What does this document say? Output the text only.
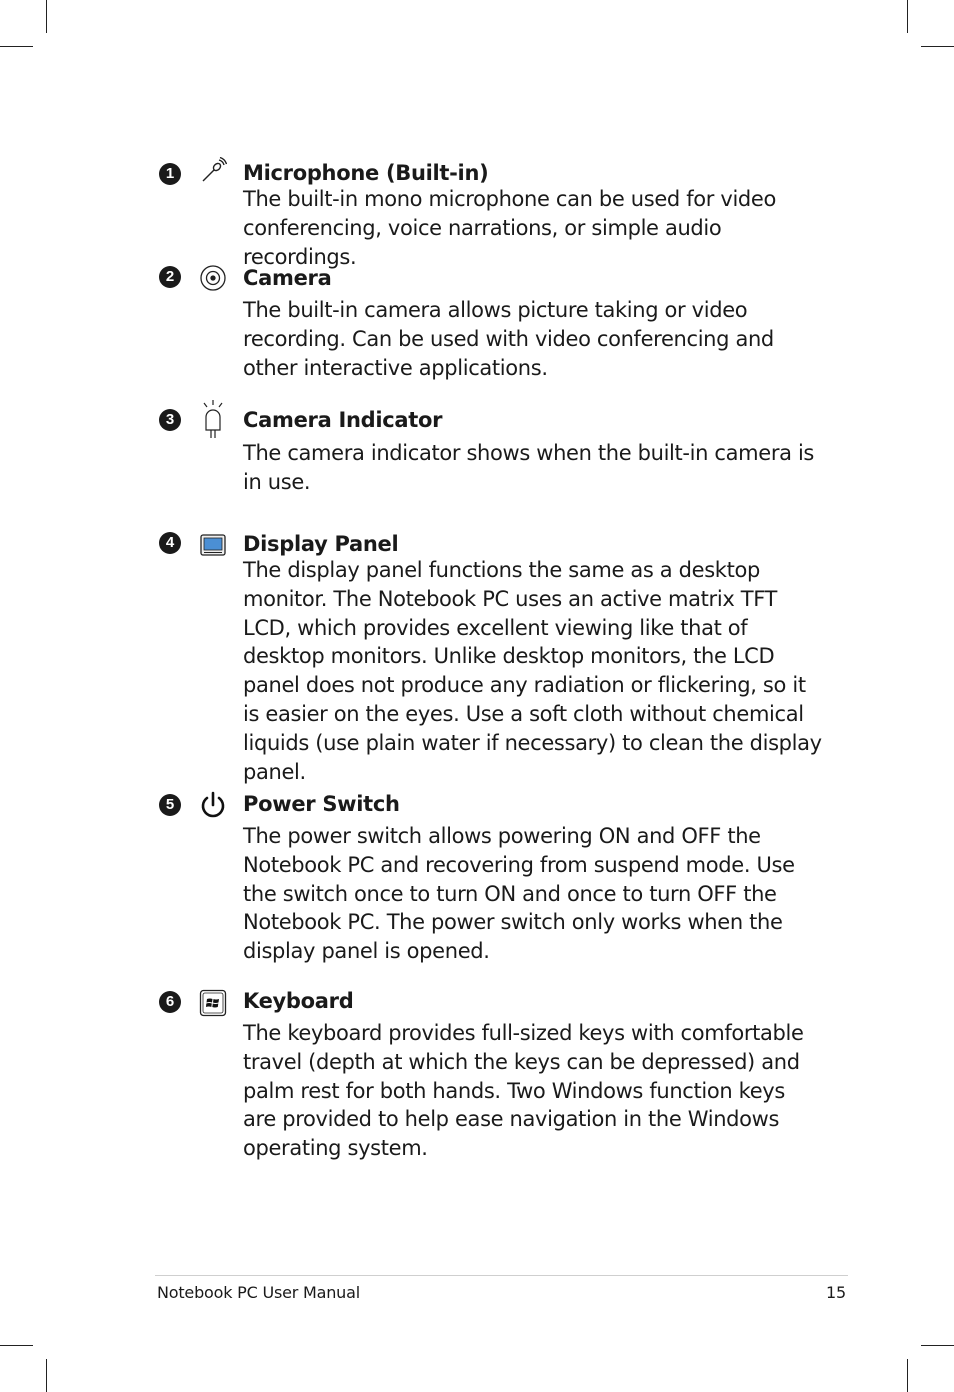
1	Microphone (Built-in)
The built-in mono microphone can be used for video conferencing, voice narrations, or simple audio recordings.
2	Camera
The built-in camera allows picture taking or video recording. Can be used with video conferencing and other interactive applications.
3	Camera Indicator
The camera indicator shows when the built-in camera is in use.
4	Display Panel
The display panel functions the same as a desktop monitor. The Notebook PC uses an active matrix TFT LCD, which provides excellent viewing like that of desktop monitors. Unlike desktop monitors, the LCD panel does not produce any radiation or flickering, so it is easier on the eyes. Use a soft cloth without chemical liquids (use plain water if necessary) to clean the display panel.
5	Power Switch
The power switch allows powering ON and OFF the Notebook PC and recovering from suspend mode. Use the switch once to turn ON and once to turn OFF the Notebook PC. The power switch only works when the display panel is opened.
6	Keyboard
The keyboard provides full-sized keys with comfortable travel (depth at which the keys can be depressed) and palm rest for both hands. Two Windows function keys are provided to help ease navigation in the Windows operating system.
Notebook PC User Manual	15
